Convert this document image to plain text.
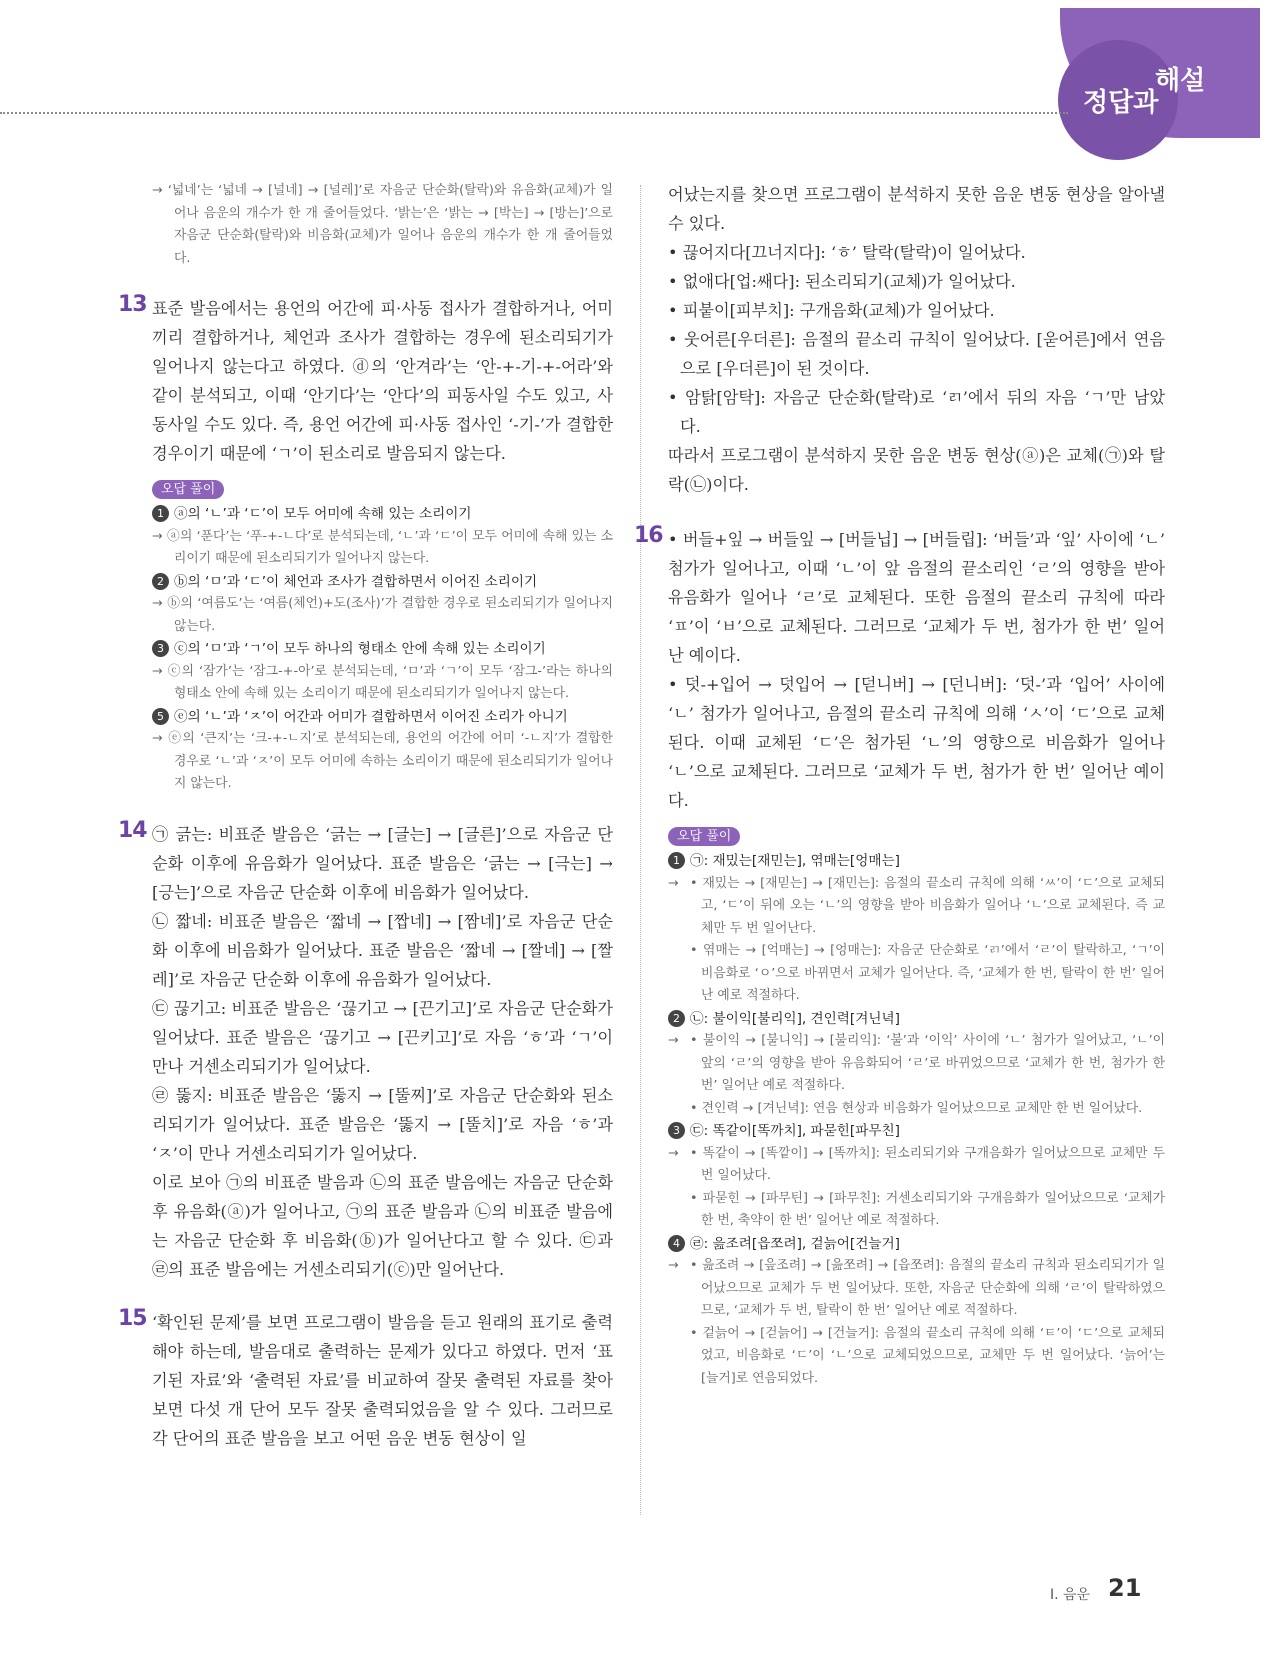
정답과
해설

→ ‘넓네’는 ‘넓네 → [널네] → [널레]’로 자음군 단순화(탈락)와 유음화(교체)가 일어나 음운의 개수가 한 개 줄어들었다. ‘밝는’은 ‘밝는 → [박는] → [방는]’으로 자음군 단순화(탈락)와 비음화(교체)가 일어나 음운의 개수가 한 개 줄어들었다.

13 표준 발음에서는 용언의 어간에 피·사동 접사가 결합하거나, 어미끼리 결합하거나, 체언과 조사가 결합하는 경우에 된소리되기가 일어나지 않는다고 하였다. ⓓ의 ‘안겨라’는 ‘안-+-기-+-어라’와 같이 분석되고, 이때 ‘안기다’는 ‘안다’의 피동사일 수도 있고, 사동사일 수도 있다. 즉, 용언 어간에 피·사동 접사인 ‘-기-’가 결합한 경우이기 때문에 ‘ㄱ’이 된소리로 발음되지 않는다.

오답 풀이

1 ⓐ의 ‘ㄴ’과 ‘ㄷ’이 모두 어미에 속해 있는 소리이기

→ ⓐ의 ‘푼다’는 ‘푸-+-ㄴ다’로 분석되는데, ‘ㄴ’과 ‘ㄷ’이 모두 어미에 속해 있는 소리이기 때문에 된소리되기가 일어나지 않는다.

2 ⓑ의 ‘ㅁ’과 ‘ㄷ’이 체언과 조사가 결합하면서 이어진 소리이기

→ ⓑ의 ‘여름도’는 ‘여름(체언)+도(조사)’가 결합한 경우로 된소리되기가 일어나지 않는다.

3 ⓒ의 ‘ㅁ’과 ‘ㄱ’이 모두 하나의 형태소 안에 속해 있는 소리이기

→ ⓒ의 ‘잠가’는 ‘잠그-+-아’로 분석되는데, ‘ㅁ’과 ‘ㄱ’이 모두 ‘잠그-’라는 하나의 형태소 안에 속해 있는 소리이기 때문에 된소리되기가 일어나지 않는다.

5 ⓔ의 ‘ㄴ’과 ‘ㅈ’이 어간과 어미가 결합하면서 이어진 소리가 아니기

→ ⓔ의 ‘큰지’는 ‘크-+-ㄴ지’로 분석되는데, 용언의 어간에 어미 ‘-ㄴ지’가 결합한 경우로 ‘ㄴ’과 ‘ㅈ’이 모두 어미에 속하는 소리이기 때문에 된소리되기가 일어나지 않는다.

14 ㉠ 긁는: 비표준 발음은 ‘긁는 → [글는] → [글른]’으로 자음군 단순화 이후에 유음화가 일어났다. 표준 발음은 ‘긁는 → [극는] → [긍는]’으로 자음군 단순화 이후에 비음화가 일어났다.

㉡ 짧네: 비표준 발음은 ‘짧네 → [짭네] → [짬네]’로 자음군 단순화 이후에 비음화가 일어났다. 표준 발음은 ‘짧네 → [짤네] → [짤레]’로 자음군 단순화 이후에 유음화가 일어났다.

㉢ 끊기고: 비표준 발음은 ‘끊기고 → [끈기고]’로 자음군 단순화가 일어났다. 표준 발음은 ‘끊기고 → [끈키고]’로 자음 ‘ㅎ’과 ‘ㄱ’이 만나 거센소리되기가 일어났다.

㉣ 뚫지: 비표준 발음은 ‘뚫지 → [뚤찌]’로 자음군 단순화와 된소리되기가 일어났다. 표준 발음은 ‘뚫지 → [뚤치]’로 자음 ‘ㅎ’과 ‘ㅈ’이 만나 거센소리되기가 일어났다.

이로 보아 ㉠의 비표준 발음과 ㉡의 표준 발음에는 자음군 단순화 후 유음화(ⓐ)가 일어나고, ㉠의 표준 발음과 ㉡의 비표준 발음에는 자음군 단순화 후 비음화(ⓑ)가 일어난다고 할 수 있다. ㉢과 ㉣의 표준 발음에는 거센소리되기(ⓒ)만 일어난다.

15 ‘확인된 문제’를 보면 프로그램이 발음을 듣고 원래의 표기로 출력해야 하는데, 발음대로 출력하는 문제가 있다고 하였다. 먼저 ‘표기된 자료’와 ‘출력된 자료’를 비교하여 잘못 출력된 자료를 찾아보면 다섯 개 단어 모두 잘못 출력되었음을 알 수 있다. 그러므로 각 단어의 표준 발음을 보고 어떤 음운 변동 현상이 일

어났는지를 찾으면 프로그램이 분석하지 못한 음운 변동 현상을 알아낼 수 있다.

• 끊어지다[끄너지다]: ‘ㅎ’ 탈락(탈락)이 일어났다.

• 없애다[업:쌔다]: 된소리되기(교체)가 일어났다.

• 피붙이[피부치]: 구개음화(교체)가 일어났다.

• 웃어른[우더른]: 음절의 끝소리 규칙이 일어났다. [욷어른]에서 연음으로 [우더른]이 된 것이다.

• 암탉[암탁]: 자음군 단순화(탈락)로 ‘ㄺ’에서 뒤의 자음 ‘ㄱ’만 남았다.

따라서 프로그램이 분석하지 못한 음운 변동 현상(ⓐ)은 교체(㉠)와 탈락(㉡)이다.

16 • 버들+잎 → 버들잎 → [버들닙] → [버들립]: ‘버들’과 ‘잎’ 사이에 ‘ㄴ’ 첨가가 일어나고, 이때 ‘ㄴ’이 앞 음절의 끝소리인 ‘ㄹ’의 영향을 받아 유음화가 일어나 ‘ㄹ’로 교체된다. 또한 음절의 끝소리 규칙에 따라 ‘ㅍ’이 ‘ㅂ’으로 교체된다. 그러므로 ‘교체가 두 번, 첨가가 한 번’ 일어난 예이다.

• 덧-+입어 → 덧입어 → [덛니버] → [던니버]: ‘덧-’과 ‘입어’ 사이에 ‘ㄴ’ 첨가가 일어나고, 음절의 끝소리 규칙에 의해 ‘ㅅ’이 ‘ㄷ’으로 교체된다. 이때 교체된 ‘ㄷ’은 첨가된 ‘ㄴ’의 영향으로 비음화가 일어나 ‘ㄴ’으로 교체된다. 그러므로 ‘교체가 두 번, 첨가가 한 번’ 일어난 예이다.

오답 풀이

1 ㉠: 재밌는[재민는], 엮매는[엉매는]

→ • 재밌는 → [재믿는] → [재민는]: 음절의 끝소리 규칙에 의해 ‘ㅆ’이 ‘ㄷ’으로 교체되고, ‘ㄷ’이 뒤에 오는 ‘ㄴ’의 영향을 받아 비음화가 일어나 ‘ㄴ’으로 교체된다. 즉 교체만 두 번 일어난다.

• 엮매는 → [억매는] → [엉매는]: 자음군 단순화로 ‘ㄺ’에서 ‘ㄹ’이 탈락하고, ‘ㄱ’이 비음화로 ‘ㅇ’으로 바뀌면서 교체가 일어난다. 즉, ‘교체가 한 번, 탈락이 한 번’ 일어난 예로 적절하다.

2 ㉡: 불이익[불리익], 견인력[겨닌녁]

→ • 불이익 → [불니익] → [불리익]: ‘불’과 ‘이익’ 사이에 ‘ㄴ’ 첨가가 일어났고, ‘ㄴ’이 앞의 ‘ㄹ’의 영향을 받아 유음화되어 ‘ㄹ’로 바뀌었으므로 ‘교체가 한 번, 첨가가 한 번’ 일어난 예로 적절하다.

• 견인력 → [겨닌녁]: 연음 현상과 비음화가 일어났으므로 교체만 한 번 일어났다.

3 ㉢: 똑같이[똑까치], 파묻힌[파무친]

→ • 똑같이 → [똑깥이] → [똑까치]: 된소리되기와 구개음화가 일어났으므로 교체만 두 번 일어났다.

• 파묻힌 → [파무틴] → [파무친]: 거센소리되기와 구개음화가 일어났으므로 ‘교체가 한 번, 축약이 한 번’ 일어난 예로 적절하다.

4 ㉣: 읊조려[읍쪼려], 겉늙어[건늘거]

→ • 읊조려 → [읖조려] → [읊쪼려] → [읍쪼려]: 음절의 끝소리 규칙과 된소리되기가 일어났으므로 교체가 두 번 일어났다. 또한, 자음군 단순화에 의해 ‘ㄹ’이 탈락하였으므로, ‘교체가 두 번, 탈락이 한 번’ 일어난 예로 적절하다.

• 겉늙어 → [걷늙어] → [건늘거]: 음절의 끝소리 규칙에 의해 ‘ㅌ’이 ‘ㄷ’으로 교체되었고, 비음화로 ‘ㄷ’이 ‘ㄴ’으로 교체되었으므로, 교체만 두 번 일어났다. ‘늙어’는 [늘거]로 연음되었다.

Ⅰ. 음운 21
